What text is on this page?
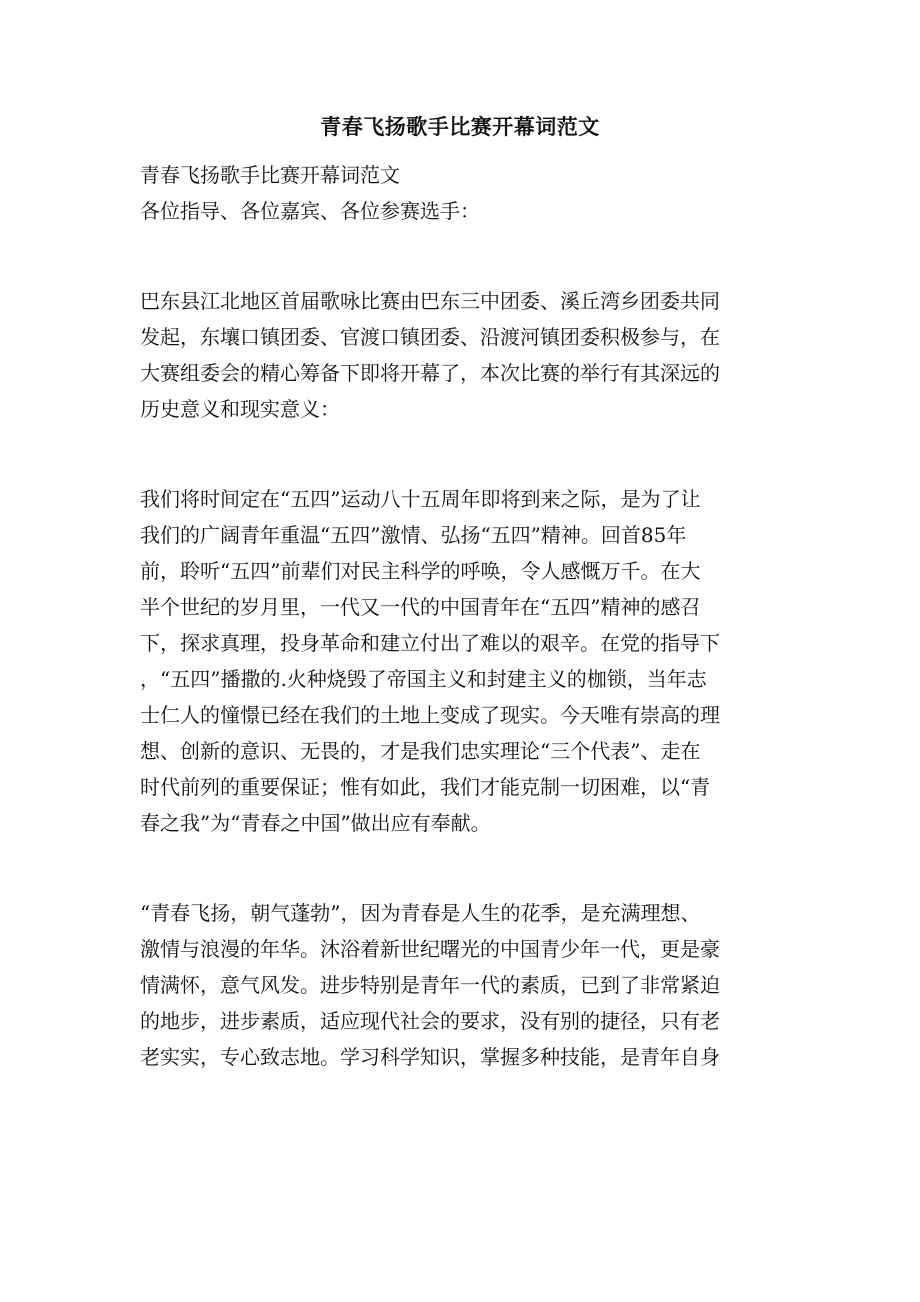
青春飞扬歌手比赛开幕词范文
青春飞扬歌手比赛开幕词范文
各位指导、各位嘉宾、各位参赛选手：
巴东县江北地区首届歌咏比赛由巴东三中团委、溪丘湾乡团委共同
发起，东壤口镇团委、官渡口镇团委、沿渡河镇团委积极参与，在
大赛组委会的精心筹备下即将开幕了，本次比赛的举行有其深远的
历史意义和现实意义：
我们将时间定在“五四”运动八十五周年即将到来之际，是为了让
我们的广阔青年重温“五四”激情、弘扬“五四”精神。回首85年
前，聆听“五四”前辈们对民主科学的呼唤，令人感慨万千。在大
半个世纪的岁月里，一代又一代的中国青年在“五四”精神的感召
下，探求真理，投身革命和建立付出了难以的艰辛。在党的指导下
，“五四”播撒的.火种烧毁了帝国主义和封建主义的枷锁，当年志
士仁人的憧憬已经在我们的土地上变成了现实。今天唯有崇高的理
想、创新的意识、无畏的，才是我们忠实理论“三个代表”、走在
时代前列的重要保证；惟有如此，我们才能克制一切困难，以“青
春之我”为“青春之中国”做出应有奉献。
“青春飞扬，朝气蓬勃”，因为青春是人生的花季，是充满理想、
激情与浪漫的年华。沐浴着新世纪曙光的中国青少年一代，更是豪
情满怀，意气风发。进步特别是青年一代的素质，已到了非常紧迫
的地步，进步素质，适应现代社会的要求，没有别的捷径，只有老
老实实，专心致志地。学习科学知识，掌握多种技能，是青年自身
